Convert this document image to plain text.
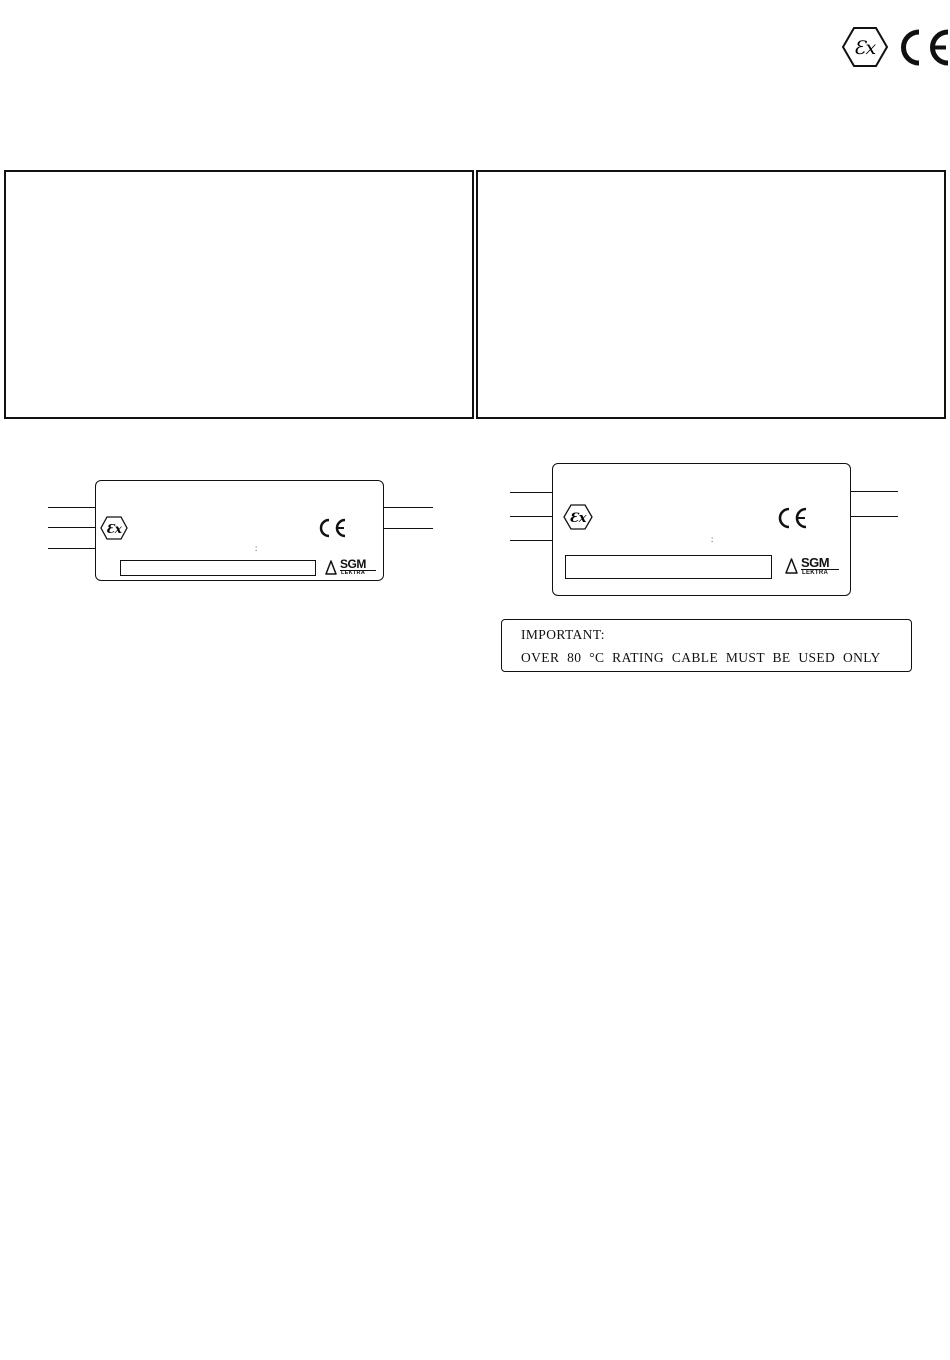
Ɛx
Ɛx
:
SGM
LEKTRA
Ɛx
:
SGM
LEKTRA
IMPORTANT:
OVER 80 °C RATING CABLE MUST BE USED ONLY
